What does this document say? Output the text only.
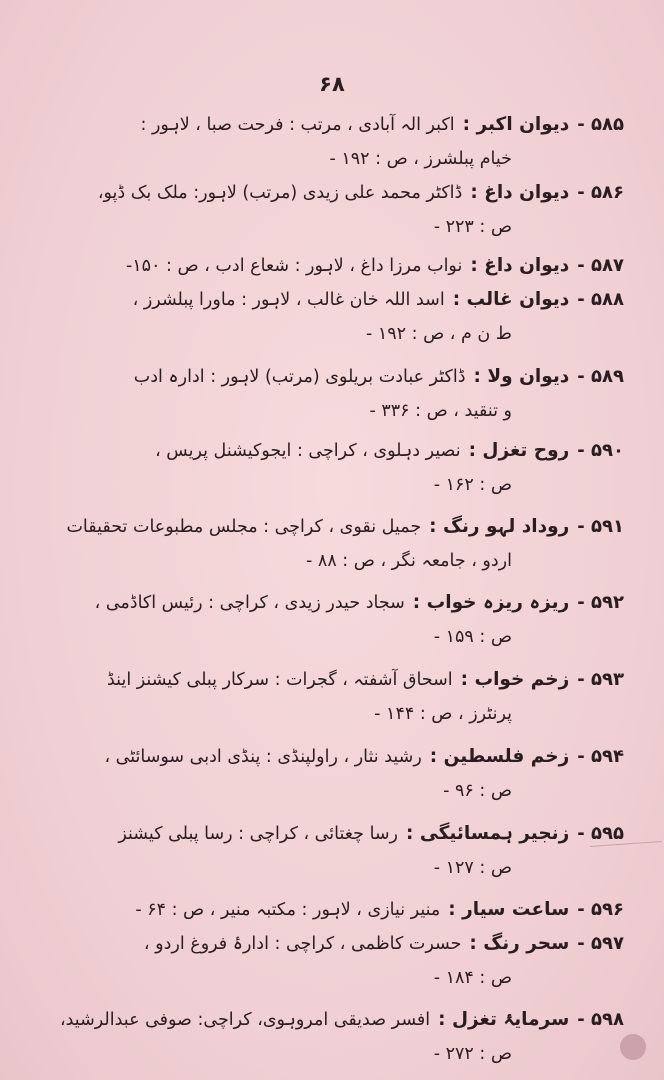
۶۸
۵۸۵ -
دیوان اکبر :
اکبر الہ آبادی ، مرتب : فرحت صبا ، لاہور :
خیام پبلشرز ، ص : ۱۹۲ -
۵۸۶ -
دیوان داغ :
ڈاکٹر محمد علی زیدی (مرتب) لاہور: ملک بک ڈپو،
ص : ۲۲۳ -
۵۸۷ -
دیوان داغ :
نواب مرزا داغ ، لاہور : شعاع ادب ، ص : ۱۵۰-
۵۸۸ -
دیوان غالب :
اسد اللہ خان غالب ، لاہور : ماورا پبلشرز ،
ط ن م ، ص : ۱۹۲ -
۵۸۹ -
دیوان ولا :
ڈاکٹر عبادت بریلوی (مرتب) لاہور : ادارہ ادب
و تنقید ، ص : ۳۳۶ -
۵۹۰ -
روح تغزل :
نصیر دہلوی ، کراچی : ایجوکیشنل پریس ،
ص : ۱۶۲ -
۵۹۱ -
روداد لہو رنگ :
جمیل نقوی ، کراچی : مجلس مطبوعات تحقیقات
اردو ، جامعہ نگر ، ص : ۸۸ -
۵۹۲ -
ریزہ ریزہ خواب :
سجاد حیدر زیدی ، کراچی : رئیس اکاڈمی ،
ص : ۱۵۹ -
۵۹۳ -
زخم خواب :
اسحاق آشفتہ ، گجرات : سرکار پبلی کیشنز اینڈ
پرنٹرز ، ص : ۱۴۴ -
۵۹۴ -
زخم فلسطین :
رشید نثار ، راولپنڈی : پنڈی ادبی سوسائٹی ،
ص : ۹۶ -
۵۹۵ -
زنجیر ہمسائیگی :
رسا چغتائی ، کراچی : رسا پبلی کیشنز
ص : ۱۲۷ -
۵۹۶ -
ساعت سیار :
منیر نیازی ، لاہور : مکتبہ منیر ، ص : ۶۴ -
۵۹۷ -
سحر رنگ :
حسرت کاظمی ، کراچی : ادارۂ فروغ اردو ،
ص : ۱۸۴ -
۵۹۸ -
سرمایۂ تغزل :
افسر صدیقی امروہوی، کراچی: صوفی عبدالرشید،
ص : ۲۷۲ -
